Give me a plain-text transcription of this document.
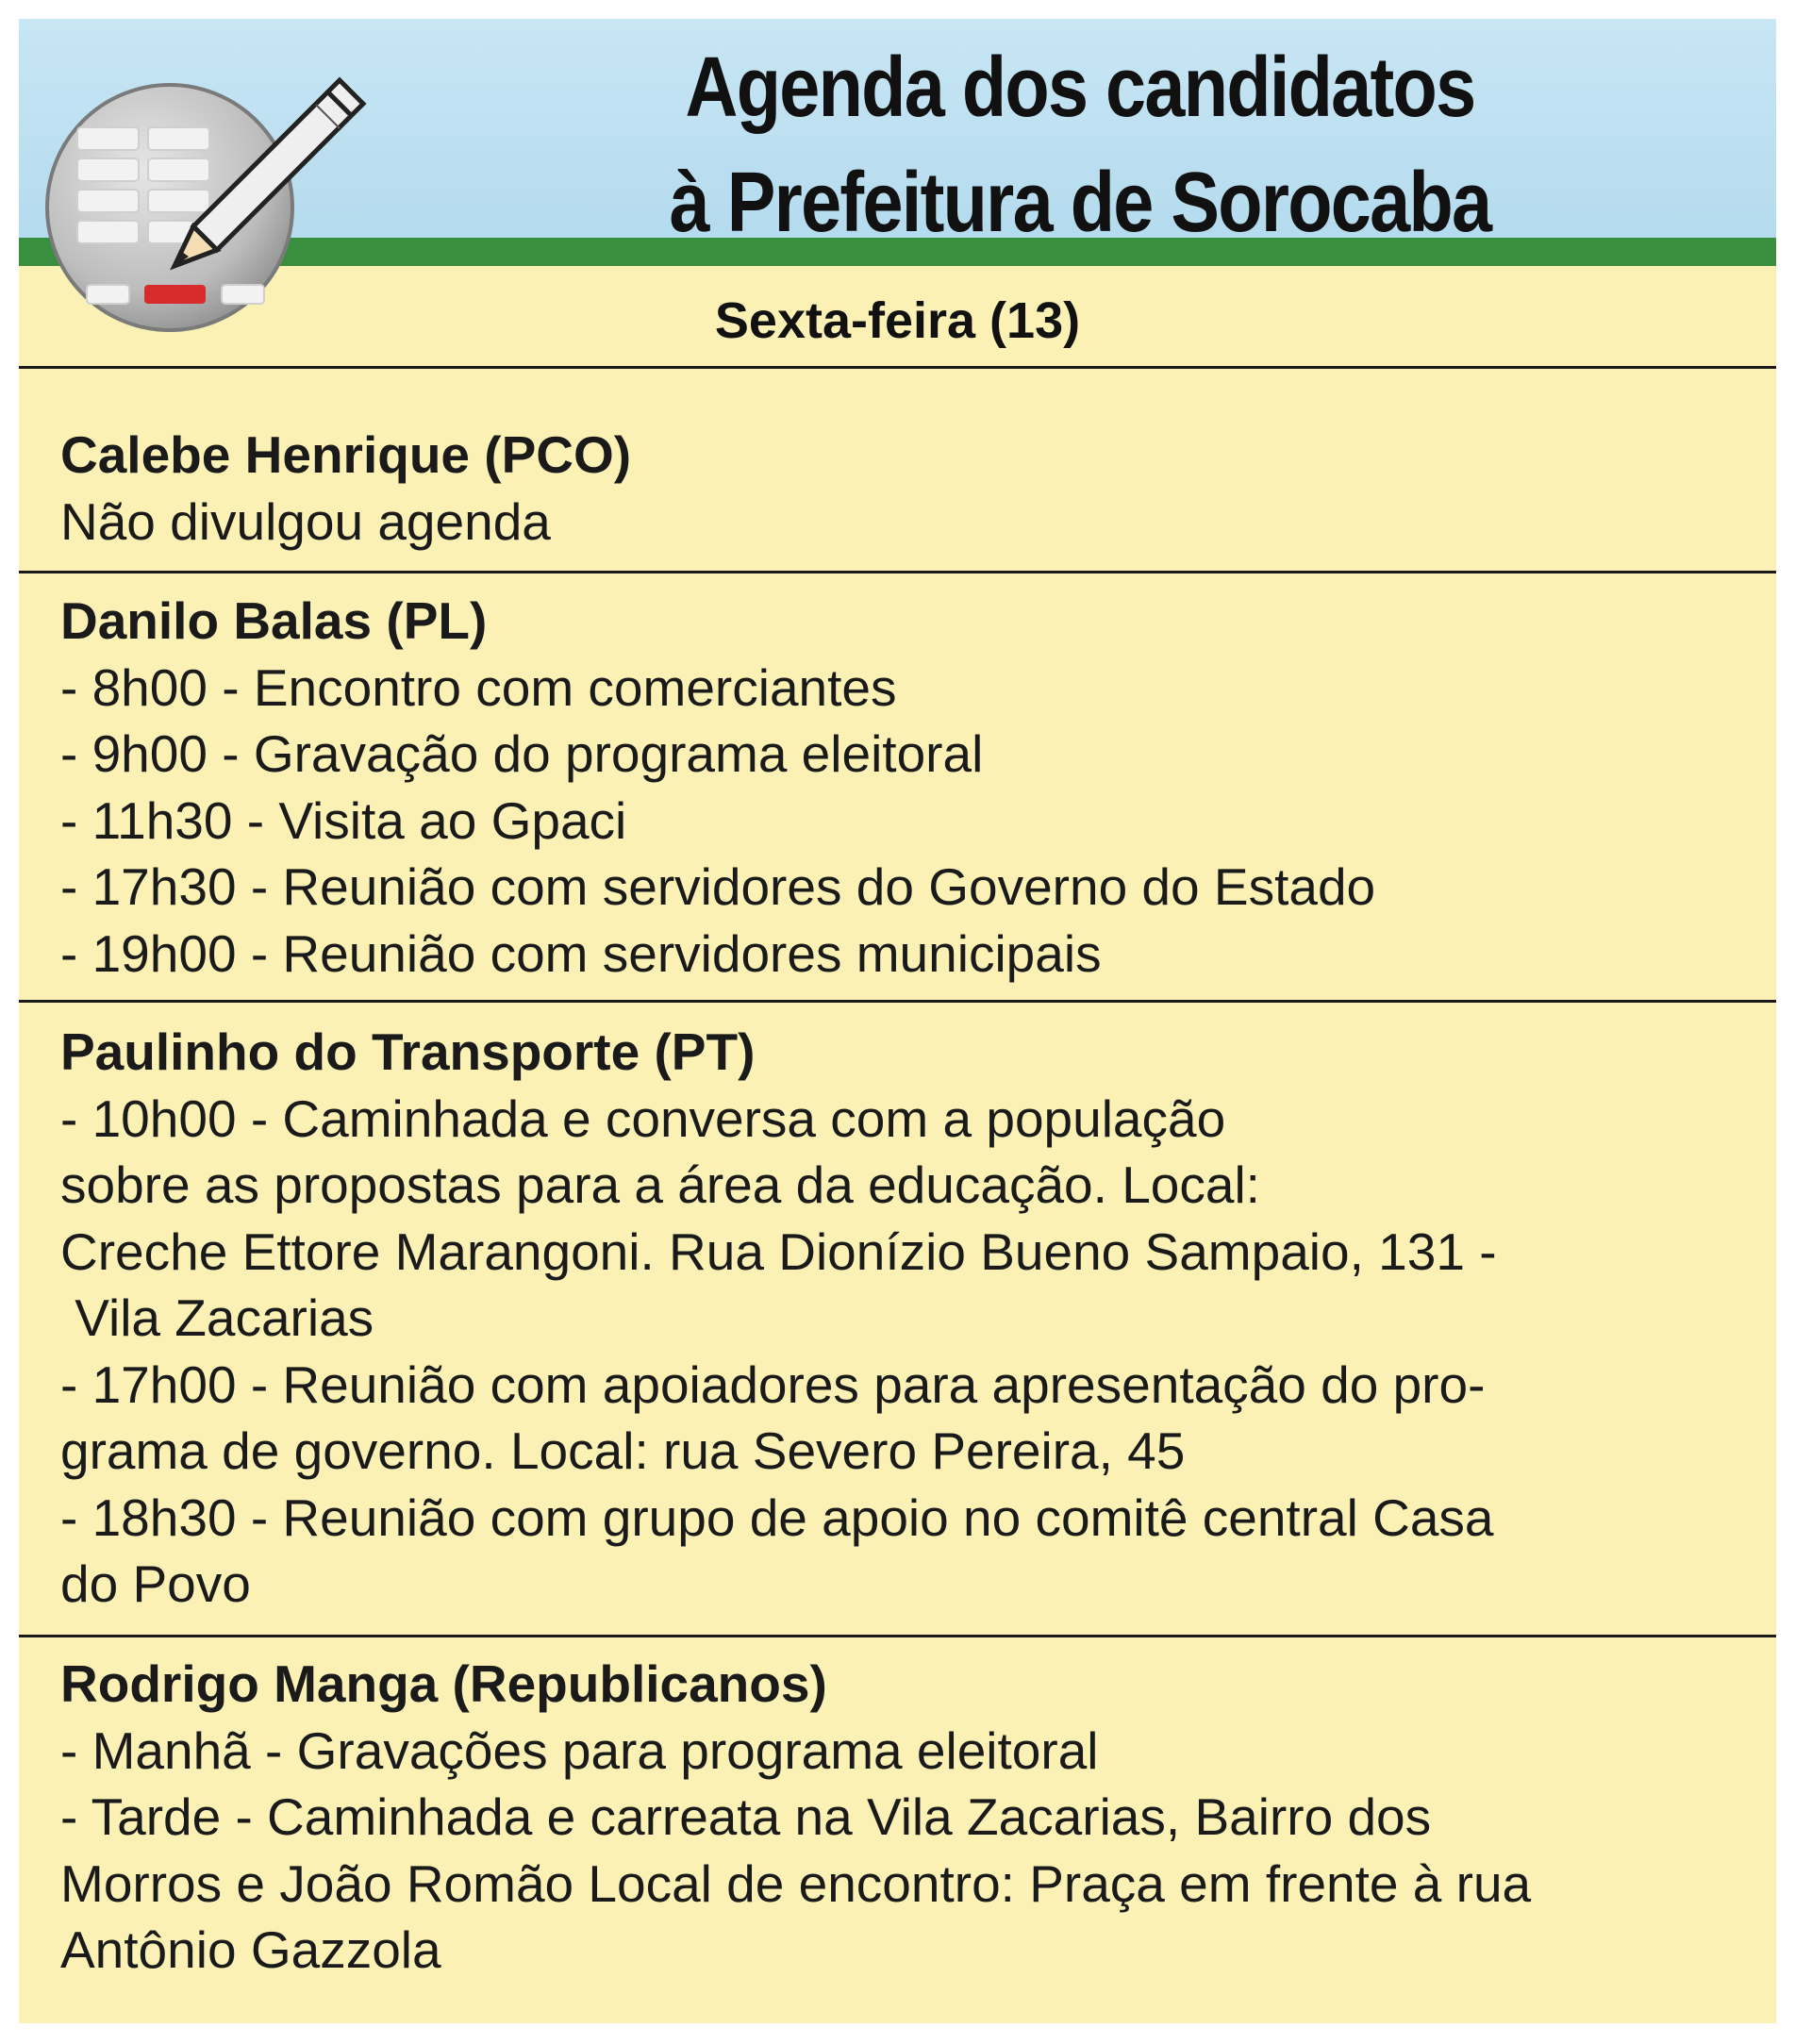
Agenda dos candidatos
à Prefeitura de Sorocaba
Sexta-feira (13)
Calebe Henrique (PCO)
Não divulgou agenda
Danilo Balas (PL)
- 8h00 - Encontro com comerciantes
- 9h00 - Gravação do programa eleitoral
- 11h30 - Visita ao Gpaci
- 17h30 - Reunião com servidores do Governo do Estado
- 19h00 - Reunião com servidores municipais
Paulinho do Transporte (PT)
- 10h00 - Caminhada e conversa com a população
sobre as propostas para a área da educação. Local:
Creche Ettore Marangoni. Rua Dionízio Bueno Sampaio, 131 -
Vila Zacarias
- 17h00 - Reunião com apoiadores para apresentação do pro-
grama de governo. Local: rua Severo Pereira, 45
- 18h30 - Reunião com grupo de apoio no comitê central Casa
do Povo
Rodrigo Manga (Republicanos)
- Manhã - Gravações para programa eleitoral
- Tarde - Caminhada e carreata na Vila Zacarias, Bairro dos
Morros e João Romão Local de encontro: Praça em frente à rua
Antônio Gazzola
